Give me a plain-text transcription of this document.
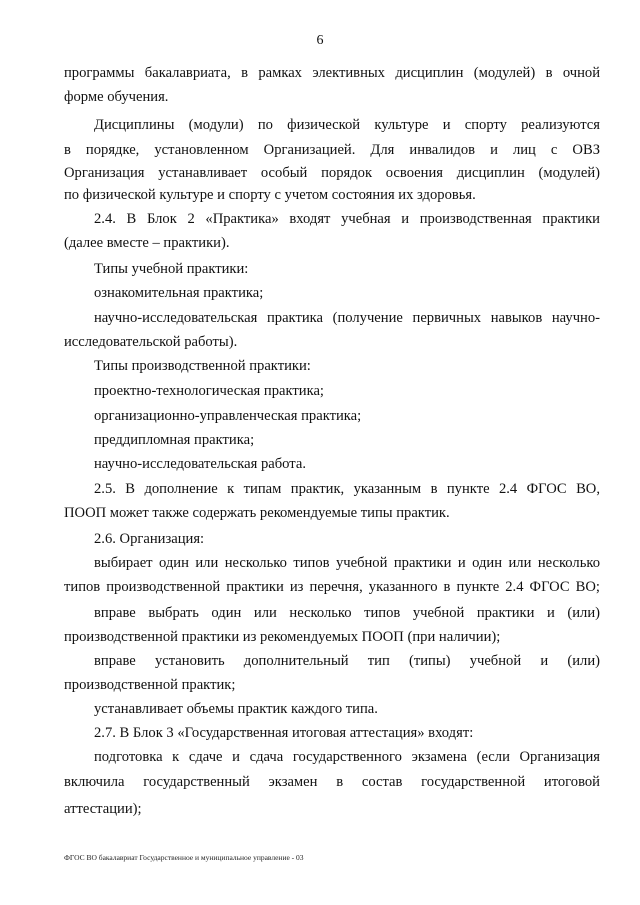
6
программы бакалавриата, в рамках элективных дисциплин (модулей) в очной
форме обучения.
Дисциплины (модули) по физической культуре и спорту реализуются
в порядке, установленном Организацией. Для инвалидов и лиц с ОВЗ
Организация устанавливает особый порядок освоения дисциплин (модулей)
по физической культуре и спорту с учетом состояния их здоровья.
2.4. В Блок 2 «Практика» входят учебная и производственная практики
(далее вместе – практики).
Типы учебной практики:
ознакомительная практика;
научно-исследовательская практика (получение первичных навыков научно-
исследовательской работы).
Типы производственной практики:
проектно-технологическая практика;
организационно-управленческая практика;
преддипломная практика;
научно-исследовательская работа.
2.5. В дополнение к типам практик, указанным в пункте 2.4 ФГОС ВО,
ПООП может также содержать рекомендуемые типы практик.
2.6. Организация:
выбирает один или несколько типов учебной практики и один или несколько
типов производственной практики из перечня, указанного в пункте 2.4 ФГОС ВО;
вправе выбрать один или несколько типов учебной практики и (или)
производственной практики из рекомендуемых ПООП (при наличии);
вправе установить дополнительный тип (типы) учебной и (или)
производственной практик;
устанавливает объемы практик каждого типа.
2.7. В Блок 3 «Государственная итоговая аттестация» входят:
подготовка к сдаче и сдача государственного экзамена (если Организация
включила государственный экзамен в состав государственной итоговой
аттестации);
ФГОС ВО бакалавриат Государственное и муниципальное управление - 03
